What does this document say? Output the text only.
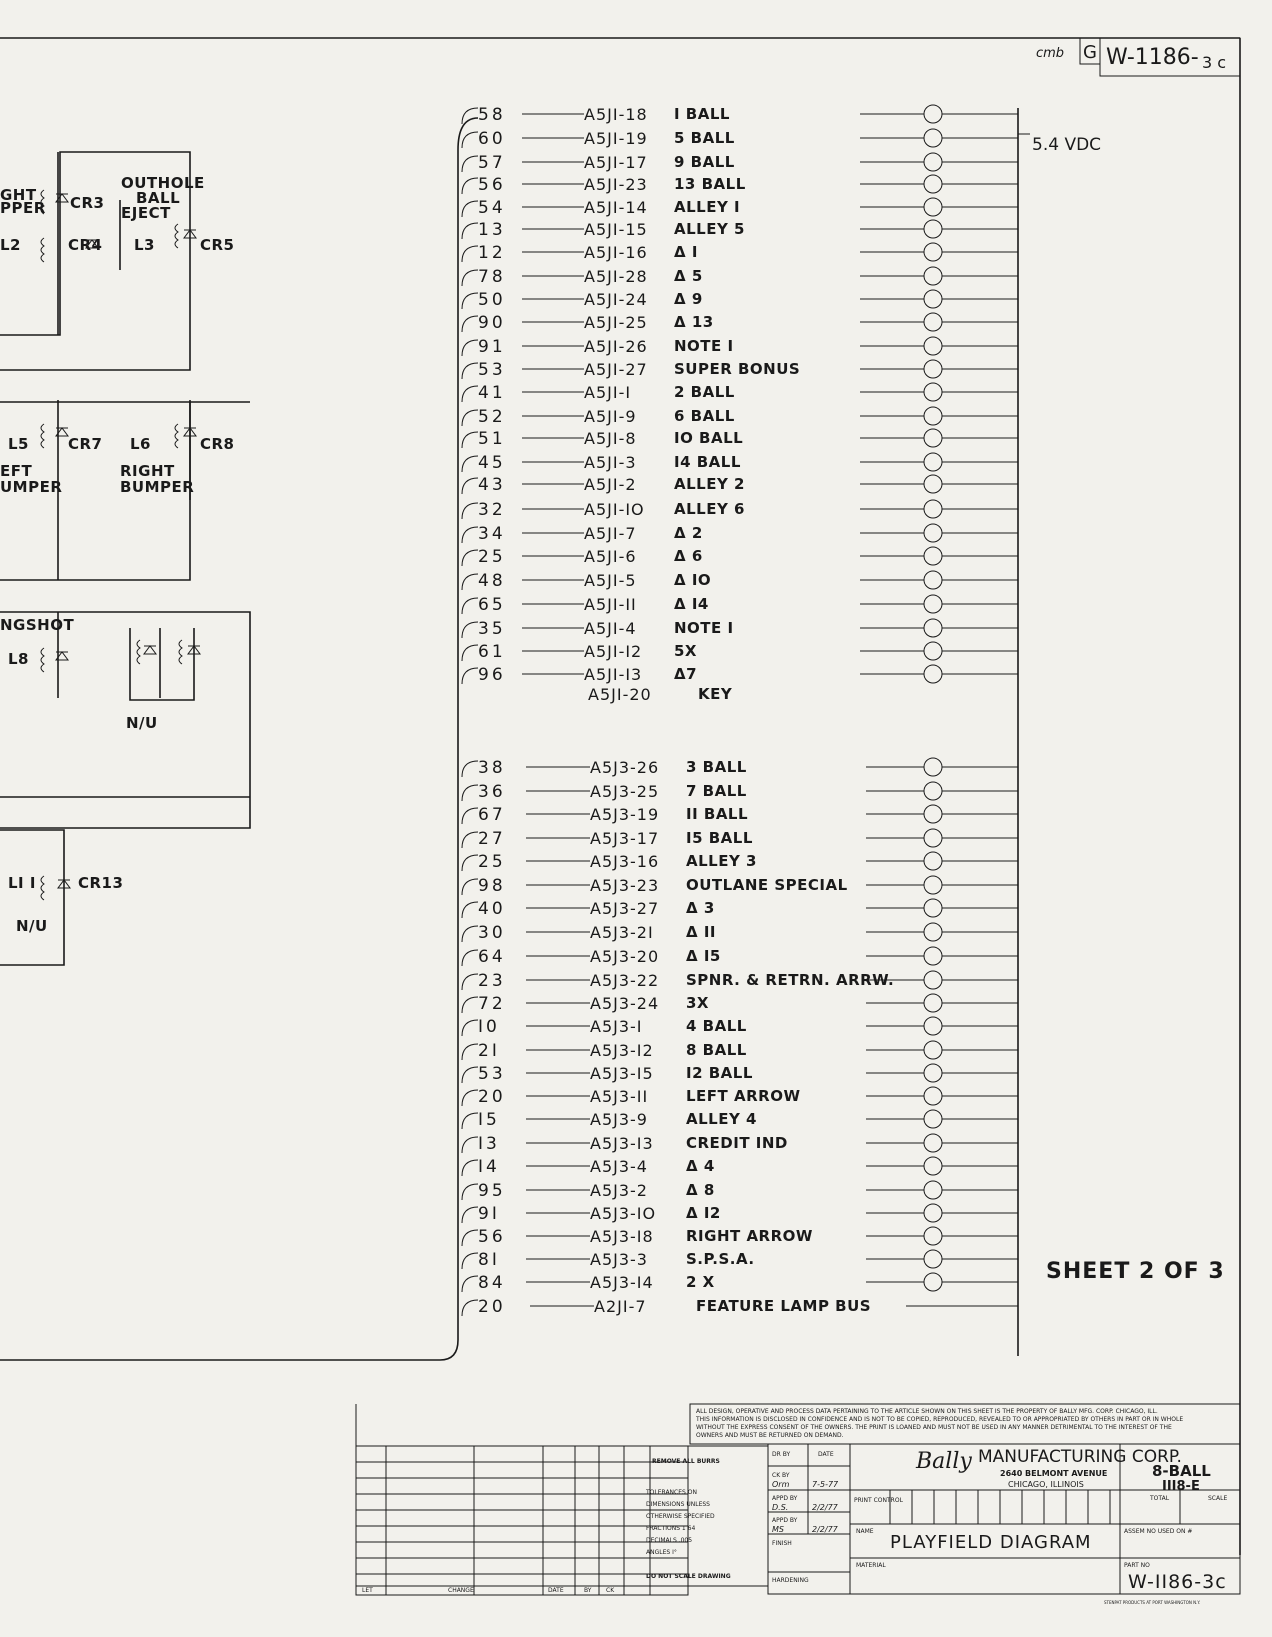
cmb G W-1186- 3 c
OUTHOLE
BALL
EJECT
GHT
PPER CR3
L2	CR4 L3	CR5
L5	CR7 L6	CR8
EFT
UMPER
RIGHT
BUMPER
NGSHOT
L8
N/U
LI I	CR13
N/U
58	A5JI-18 I BALL
60	A5JI-19 5 BALL
57	A5JI-17 9 BALL
56	A5JI-23 13 BALL
54	A5JI-14 ALLEY I
13	A5JI-15 ALLEY 5
12	A5JI-16 Δ I
78	A5JI-28 Δ 5
50	A5JI-24 Δ 9
90	A5JI-25 Δ 13
91	A5JI-26 NOTE I
53	A5JI-27 SUPER BONUS
41	A5JI-I	2 BALL
52	A5JI-9 6 BALL
51	A5JI-8 IO BALL
45	A5JI-3 I4 BALL
43	A5JI-2 ALLEY 2
32	A5JI-IO ALLEY 6
34	A5JI-7 Δ 2
25	A5JI-6 Δ 6
48	A5JI-5 Δ IO
65	A5JI-II Δ I4
35	A5JI-4 NOTE I
61	A5JI-I2 5X
96	A5JI-I3 Δ7
A5JI-20	KEY
38	A5J3-26 3 BALL
36	A5J3-25 7 BALL
67	A5J3-19 II BALL
27	A5J3-17 I5 BALL
25	A5J3-16 ALLEY 3
98	A5J3-23 OUTLANE SPECIAL
40	A5J3-27 Δ 3
30	A5J3-2I Δ II
64	A5J3-20 Δ I5
23	A5J3-22 SPNR. & RETRN. ARRW.
72	A5J3-24 3X
I0	A5J3-I	4 BALL
2I	A5J3-I2 8 BALL
53	A5J3-I5 I2 BALL
20	A5J3-II	LEFT ARROW
I5	A5J3-9	ALLEY 4
I3	A5J3-I3 CREDIT IND
I4	A5J3-4	Δ 4
95	A5J3-2	Δ 8
9I	A5J3-IO Δ I2
56	A5J3-I8 RIGHT ARROW
8I	A5J3-3	S.P.S.A.
84	A5J3-I4 2 X
20	A2JI-7	FEATURE LAMP BUS
LET	CHANGE	DATE	BY CK
REMOVE ALL BURRS
TOLERANCES ON
DIMENSIONS UNLESS
OTHERWISE SPECIFIED
FRACTIONS 1 64
DECIMALS .005
ANGLES I°
DO NOT SCALE DRAWING
ALL DESIGN, OPERATIVE AND PROCESS DATA PERTAINING TO THE ARTICLE SHOWN ON THIS SHEET IS THE PROPERTY OF BALLY MFG. CORP. CHICAGO, ILL. THIS INFORMATION IS DISCLOSED IN CONFIDENCE AND IS NOT TO BE COPIED, REPRODUCED, REVEALED TO OR APPROPRIATED BY OTHERS IN PART OR IN WHOLE WITHOUT THE EXPRESS CONSENT OF THE OWNERS. THE PRINT IS LOANED AND MUST NOT BE USED IN ANY MANNER DETRIMENTAL TO THE INTEREST OF THE OWNERS AND MUST BE RETURNED ON DEMAND.
DR BY	DATE
CK BY
Orm	7-5-77
APPD BY
D.S.	2/2/77
APPD BY
MS	2/2/77
FINISH
HARDENING
PRINT CONTROL
Bally MANUFACTURING CORP.
2640 BELMONT AVENUE
CHICAGO, ILLINOIS
8-BALL
III8-E
TOTAL	SCALE
NAME
PLAYFIELD DIAGRAM
ASSEM NO USED ON #
MATERIAL	PART NO
W-II86-3c
STENPAT PRODUCTS AT PORT WASHINGTON N.Y.
5.4 VDC
SHEET 2 OF 3
